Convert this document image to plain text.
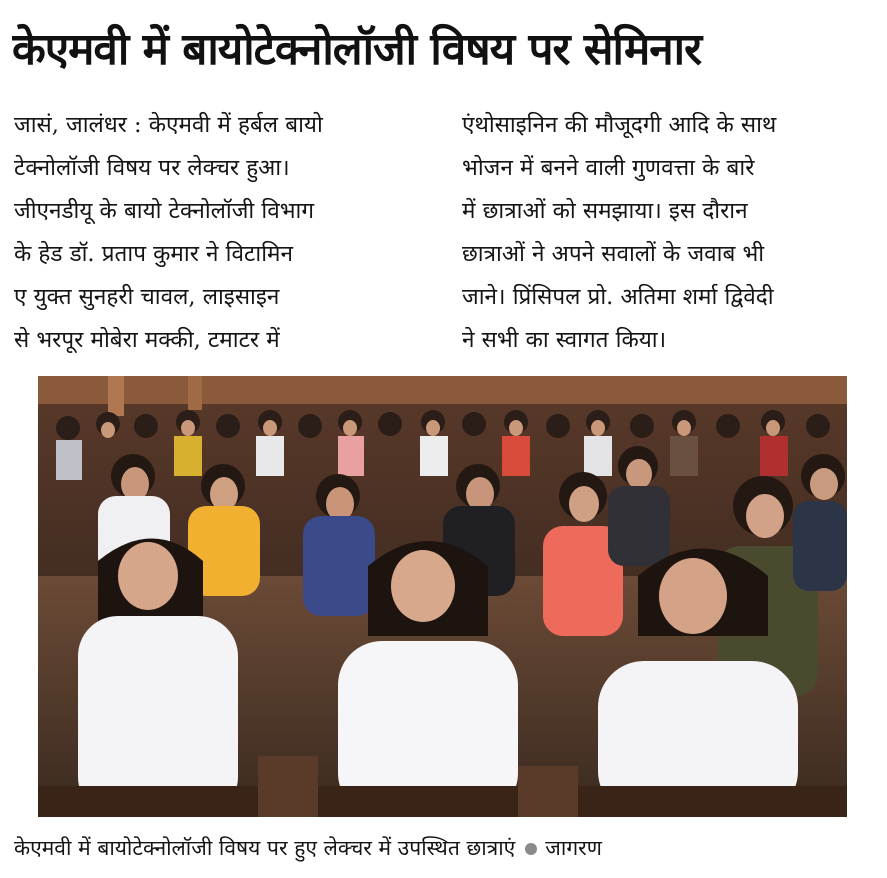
केएमवी में बायोटेक्नोलॉजी विषय पर सेमिनार
जासं, जालंधर : केएमवी में हर्बल बायो
टेक्नोलॉजी विषय पर लेक्चर हुआ।
जीएनडीयू के बायो टेक्नोलॉजी विभाग
के हेड डॉ. प्रताप कुमार ने विटामिन
ए युक्त सुनहरी चावल, लाइसाइन
से भरपूर मोबेरा मक्की, टमाटर में
एंथोसाइनिन की मौजूदगी आदि के साथ
भोजन में बनने वाली गुणवत्ता के बारे
में छात्राओं को समझाया। इस दौरान
छात्राओं ने अपने सवालों के जवाब भी
जाने। प्रिंसिपल प्रो. अतिमा शर्मा द्विवेदी
ने सभी का स्वागत किया।
केएमवी में बायोटेक्नोलॉजी विषय पर हुए लेक्चर में उपस्थित छात्राएं जागरण
